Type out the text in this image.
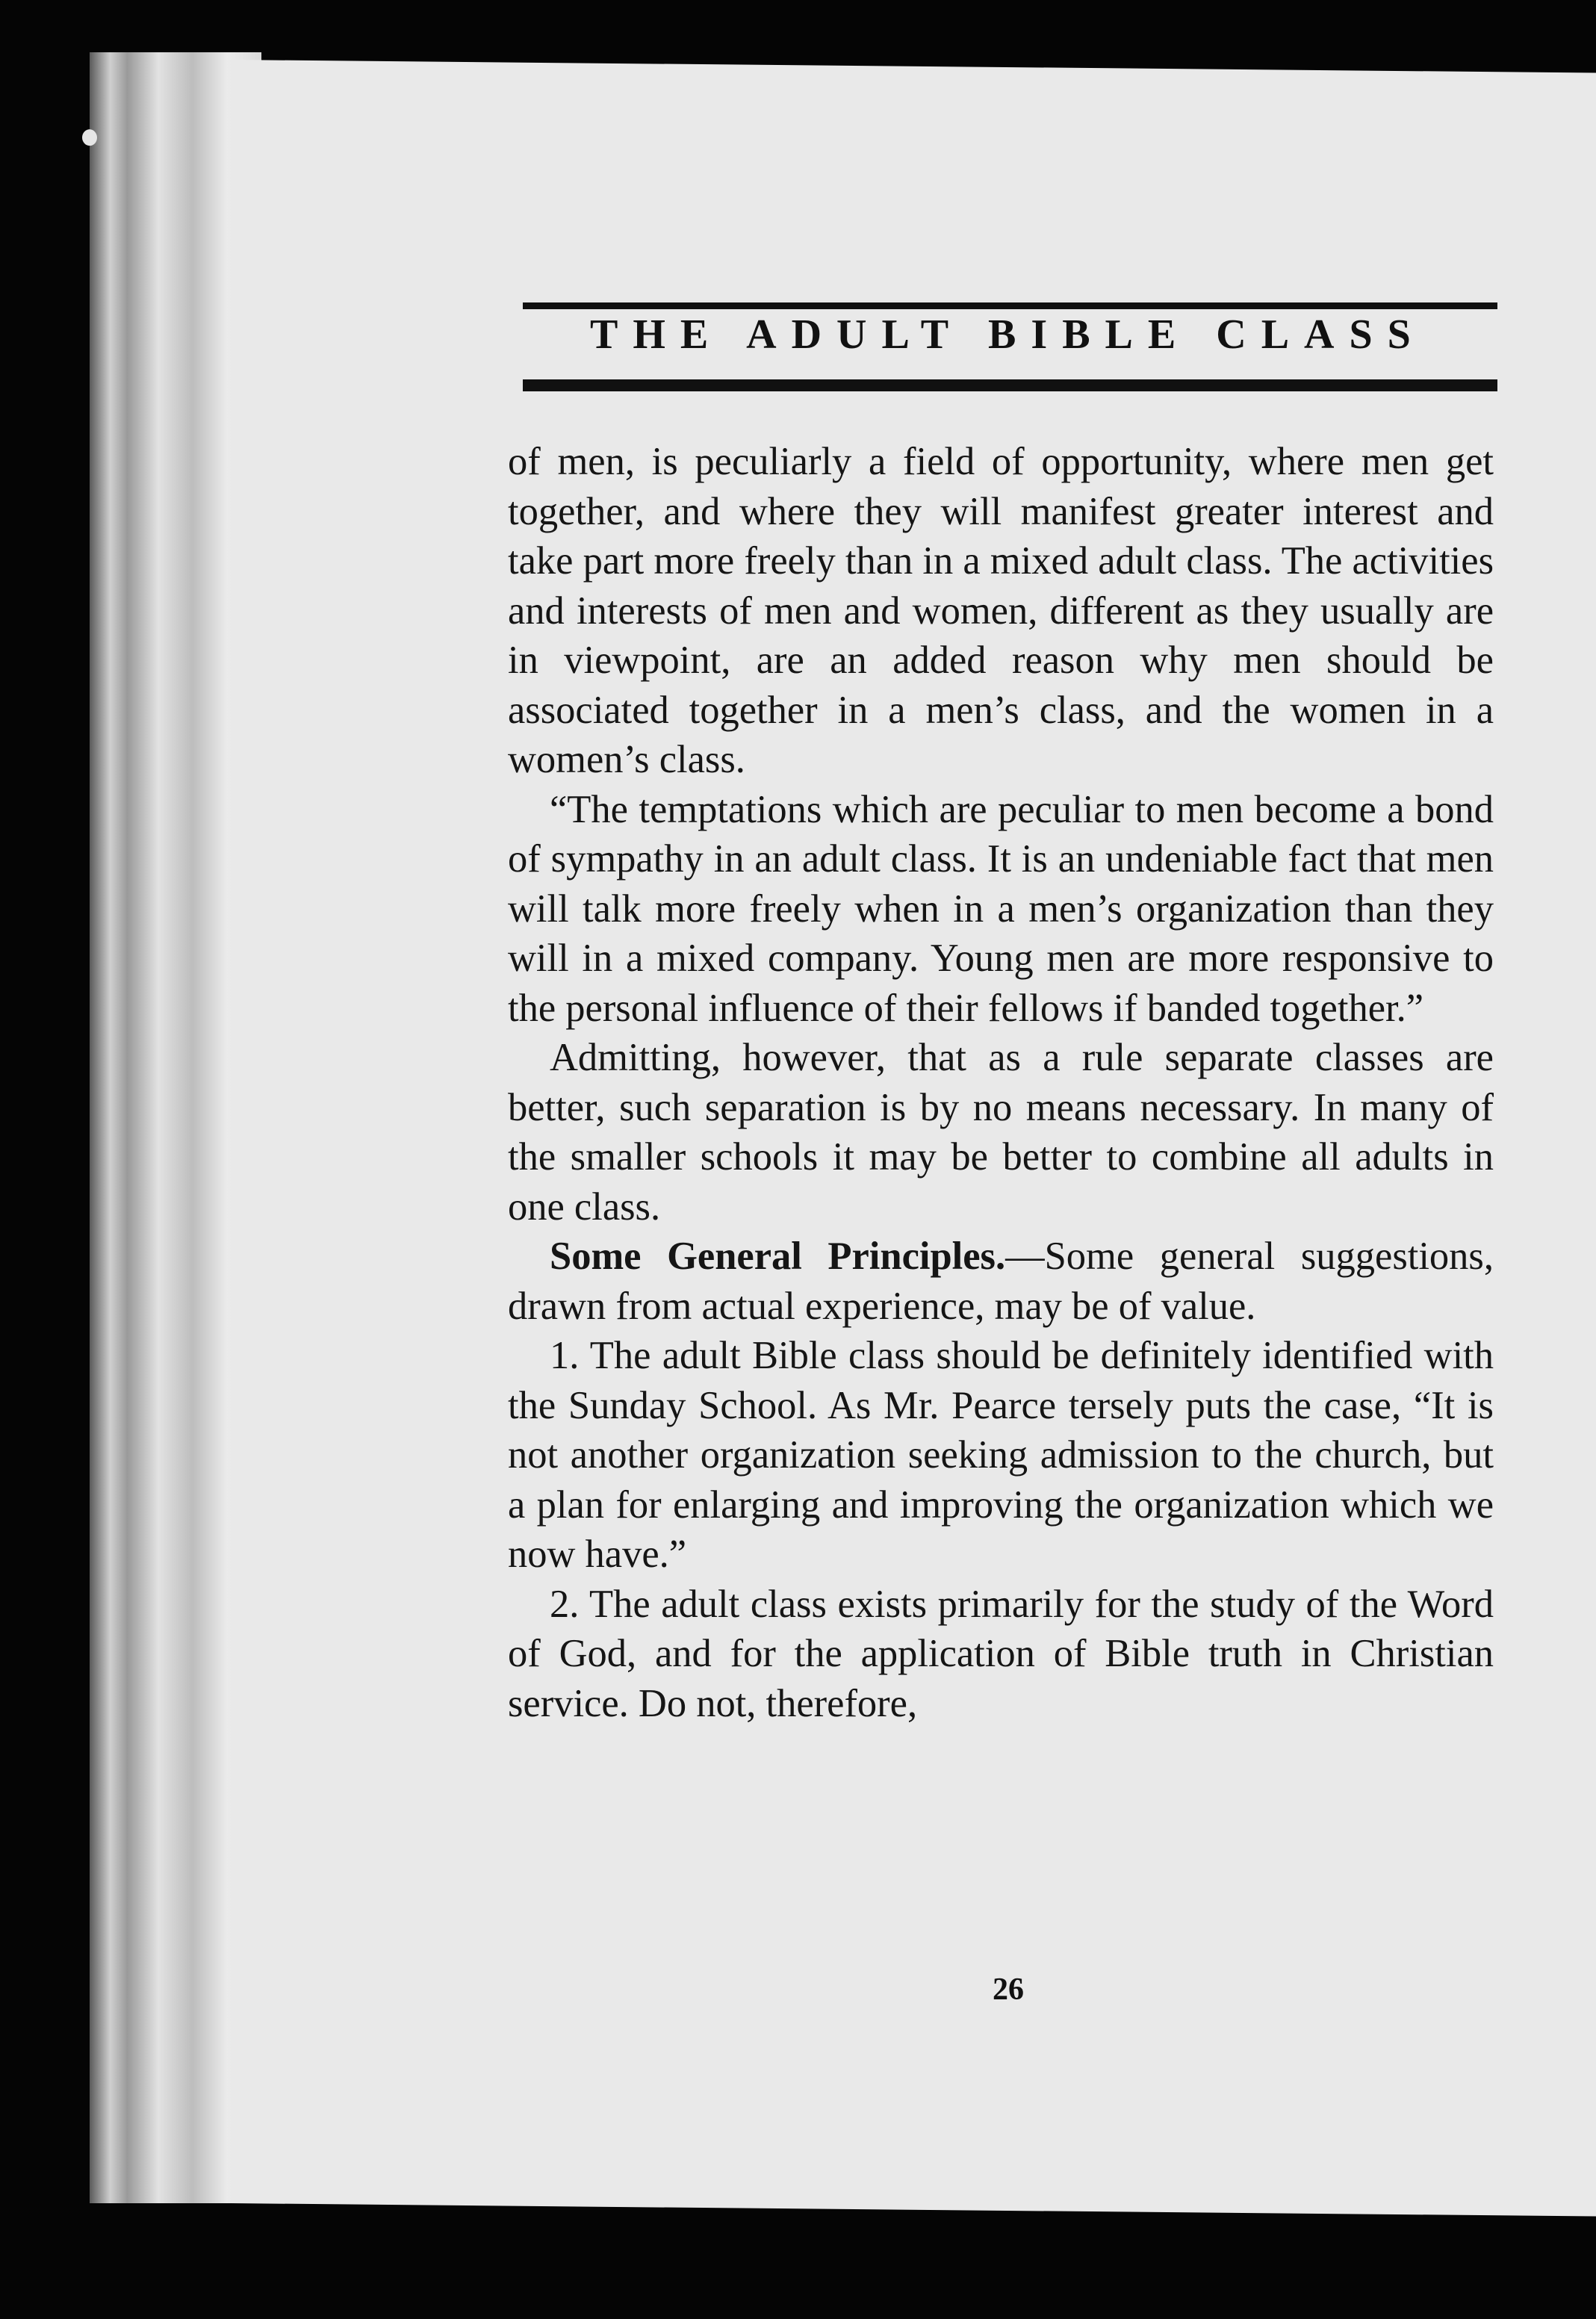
THE ADULT BIBLE CLASS

of men, is peculiarly a field of opportunity, where men get together, and where they will manifest greater interest and take part more freely than in a mixed adult class. The activities and interests of men and women, different as they usually are in viewpoint, are an added reason why men should be associated together in a men’s class, and the women in a women’s class.

“The temptations which are peculiar to men become a bond of sympathy in an adult class. It is an undeniable fact that men will talk more freely when in a men’s organization than they will in a mixed company. Young men are more responsive to the personal influence of their fellows if banded together.”

Admitting, however, that as a rule separate classes are better, such separation is by no means necessary. In many of the smaller schools it may be better to combine all adults in one class.

Some General Principles.—Some general suggestions, drawn from actual experience, may be of value.

1. The adult Bible class should be definitely identified with the Sunday School. As Mr. Pearce tersely puts the case, “It is not another organization seeking admission to the church, but a plan for enlarging and improving the organization which we now have.”

2. The adult class exists primarily for the study of the Word of God, and for the application of Bible truth in Christian service. Do not, therefore,

26
